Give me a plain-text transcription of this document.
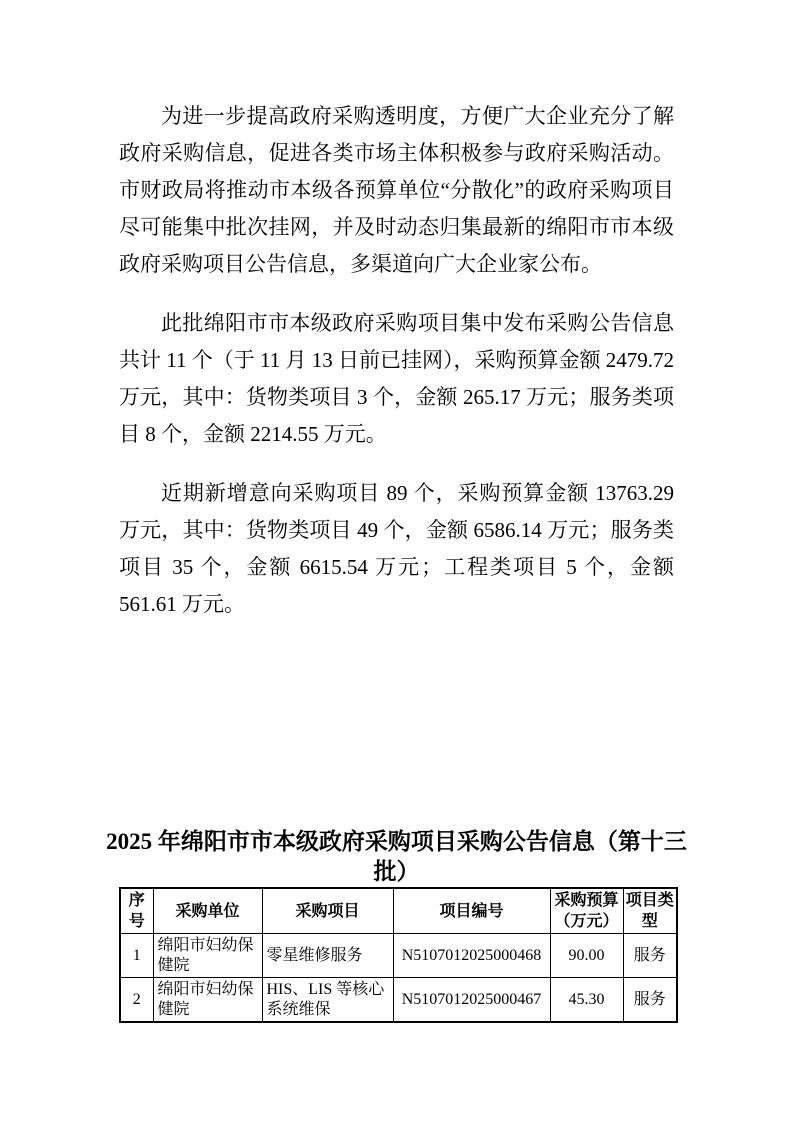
为进一步提高政府采购透明度，方便广大企业充分了解政府采购信息，促进各类市场主体积极参与政府采购活动。市财政局将推动市本级各预算单位“分散化”的政府采购项目尽可能集中批次挂网，并及时动态归集最新的绵阳市市本级政府采购项目公告信息，多渠道向广大企业家公布。

此批绵阳市市本级政府采购项目集中发布采购公告信息共计 11 个（于 11 月 13 日前已挂网），采购预算金额 2479.72 万元，其中：货物类项目 3 个，金额 265.17 万元；服务类项目 8 个，金额 2214.55 万元。

近期新增意向采购项目 89 个，采购预算金额 13763.29 万元，其中：货物类项目 49 个，金额 6586.14 万元；服务类项目 35 个，金额 6615.54 万元；工程类项目 5 个，金额 561.61 万元。

2025 年绵阳市市本级政府采购项目采购公告信息（第十三批）
序号	采购单位	采购项目	项目编号	采购预算（万元）	项目类型
1	绵阳市妇幼保健院	零星维修服务	N5107012025000468	90.00	服务
2	绵阳市妇幼保健院	HIS、LIS 等核心系统维保	N5107012025000467	45.30	服务
